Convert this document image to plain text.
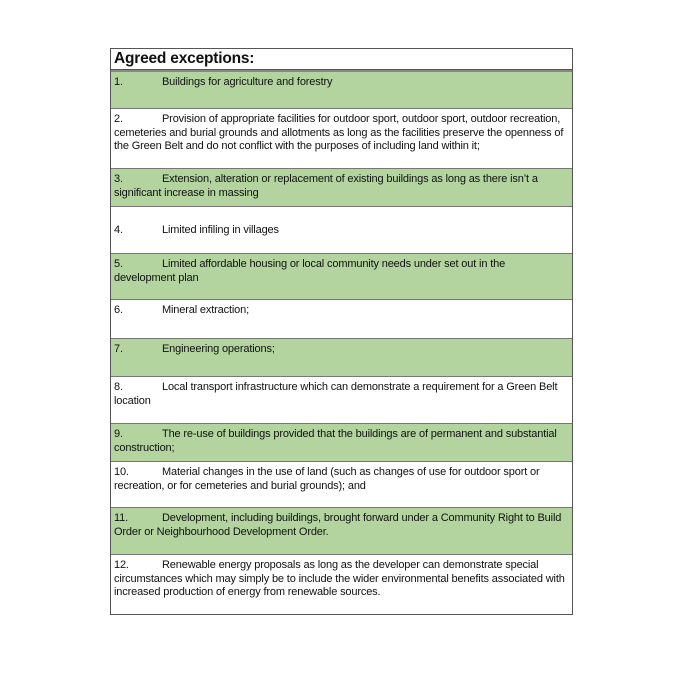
Agreed exceptions:
1.	Buildings for agriculture and forestry
2.	Provision of appropriate facilities for outdoor sport, outdoor sport, outdoor recreation, cemeteries and burial grounds and allotments as long as the facilities preserve the openness of the Green Belt and do not conflict with the purposes of including land within it;
3.	Extension, alteration or replacement of existing buildings as long as there isn’t a significant increase in massing
4.	Limited infiling in villages
5.	Limited affordable housing or local community needs under set out in the development plan
6.	Mineral extraction;
7.	Engineering operations;
8.	Local transport infrastructure which can demonstrate a requirement for a Green Belt location
9.	The re-use of buildings provided that the buildings are of permanent and substantial construction;
10.	Material changes in the use of land (such as changes of use for outdoor sport or recreation, or for cemeteries and burial grounds); and
11.	Development, including buildings, brought forward under a Community Right to Build Order or Neighbourhood Development Order.
12.	Renewable energy proposals as long as the developer can demonstrate special circumstances which may simply be to include the wider environmental benefits associated with increased production of energy from renewable sources.
